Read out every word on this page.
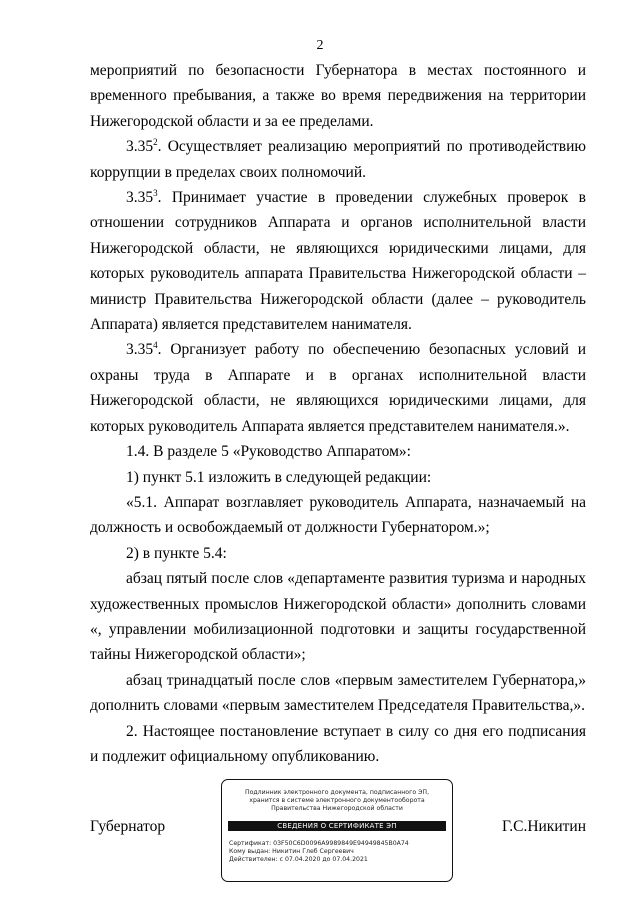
2

мероприятий по безопасности Губернатора в местах постоянного и временного пребывания, а также во время передвижения на территории Нижегородской области и за ее пределами.

3.35$^2$. Осуществляет реализацию мероприятий по противодействию коррупции в пределах своих полномочий.

3.35$^3$. Принимает участие в проведении служебных проверок в отношении сотрудников Аппарата и органов исполнительной власти Нижегородской области, не являющихся юридическими лицами, для которых руководитель аппарата Правительства Нижегородской области – министр Правительства Нижегородской области (далее – руководитель Аппарата) является представителем нанимателя.

3.35$^4$. Организует работу по обеспечению безопасных условий и охраны труда в Аппарате и в органах исполнительной власти Нижегородской области, не являющихся юридическими лицами, для которых руководитель Аппарата является представителем нанимателя.».

1.4. В разделе 5 «Руководство Аппаратом»:

1) пункт 5.1 изложить в следующей редакции:

«5.1. Аппарат возглавляет руководитель Аппарата, назначаемый на должность и освобождаемый от должности Губернатором.»;

2) в пункте 5.4:

абзац пятый после слов «департаменте развития туризма и народных художественных промыслов Нижегородской области» дополнить словами «, управлении мобилизационной подготовки и защиты государственной тайны Нижегородской области»;

абзац тринадцатый после слов «первым заместителем Губернатора,» дополнить словами «первым заместителем Председателя Правительства,».

2. Настоящее постановление вступает в силу со дня его подписания и подлежит официальному опубликованию.

Губернатор
Подлинник электронного документа, подписанного ЭП,
хранится в системе электронного документооборота
Правительства Нижегородской области
СВЕДЕНИЯ О СЕРТИФИКАТЕ ЭП
Сертификат: 03F50C6D0096A9989849E94949845B0A74
Кому выдан: Никитин Глеб Сергеевич
Действителен: с 07.04.2020 до 07.04.2021
Г.С.Никитин
